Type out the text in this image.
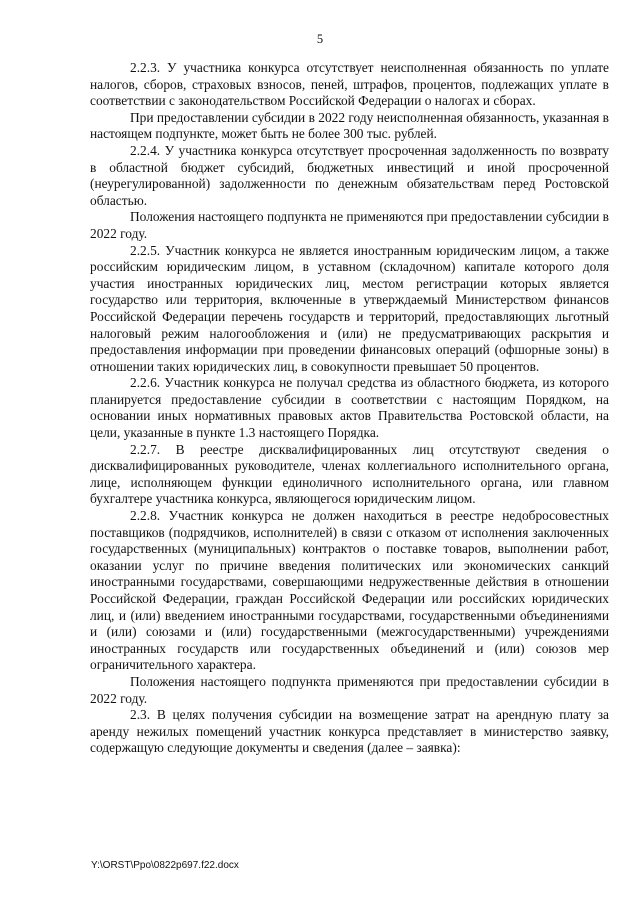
5

2.2.3. У участника конкурса отсутствует неисполненная обязанность по уплате налогов, сборов, страховых взносов, пеней, штрафов, процентов, подлежащих уплате в соответствии с законодательством Российской Федерации о налогах и сборах.

При предоставлении субсидии в 2022 году неисполненная обязанность, указанная в настоящем подпункте, может быть не более 300 тыс. рублей.

2.2.4. У участника конкурса отсутствует просроченная задолженность по возврату в областной бюджет субсидий, бюджетных инвестиций и иной просроченной (неурегулированной) задолженности по денежным обязательствам перед Ростовской областью.

Положения настоящего подпункта не применяются при предоставлении субсидии в 2022 году.

2.2.5. Участник конкурса не является иностранным юридическим лицом, а также российским юридическим лицом, в уставном (складочном) капитале которого доля участия иностранных юридических лиц, местом регистрации которых является государство или территория, включенные в утверждаемый Министерством финансов Российской Федерации перечень государств и территорий, предоставляющих льготный налоговый режим налогообложения и (или) не предусматривающих раскрытия и предоставления информации при проведении финансовых операций (офшорные зоны) в отношении таких юридических лиц, в совокупности превышает 50 процентов.

2.2.6. Участник конкурса не получал средства из областного бюджета, из которого планируется предоставление субсидии в соответствии с настоящим Порядком, на основании иных нормативных правовых актов Правительства Ростовской области, на цели, указанные в пункте 1.3 настоящего Порядка.

2.2.7. В реестре дисквалифицированных лиц отсутствуют сведения о дисквалифицированных руководителе, членах коллегиального исполнительного органа, лице, исполняющем функции единоличного исполнительного органа, или главном бухгалтере участника конкурса, являющегося юридическим лицом.

2.2.8. Участник конкурса не должен находиться в реестре недобросовестных поставщиков (подрядчиков, исполнителей) в связи с отказом от исполнения заключенных государственных (муниципальных) контрактов о поставке товаров, выполнении работ, оказании услуг по причине введения политических или экономических санкций иностранными государствами, совершающими недружественные действия в отношении Российской Федерации, граждан Российской Федерации или российских юридических лиц, и (или) введением иностранными государствами, государственными объединениями и (или) союзами и (или) государственными (межгосударственными) учреждениями иностранных государств или государственных объединений и (или) союзов мер ограничительного характера.

Положения настоящего подпункта применяются при предоставлении субсидии в 2022 году.

2.3. В целях получения субсидии на возмещение затрат на арендную плату за аренду нежилых помещений участник конкурса представляет в министерство заявку, содержащую следующие документы и сведения (далее – заявка):

Y:\ORST\Ppo\0822p697.f22.docx
